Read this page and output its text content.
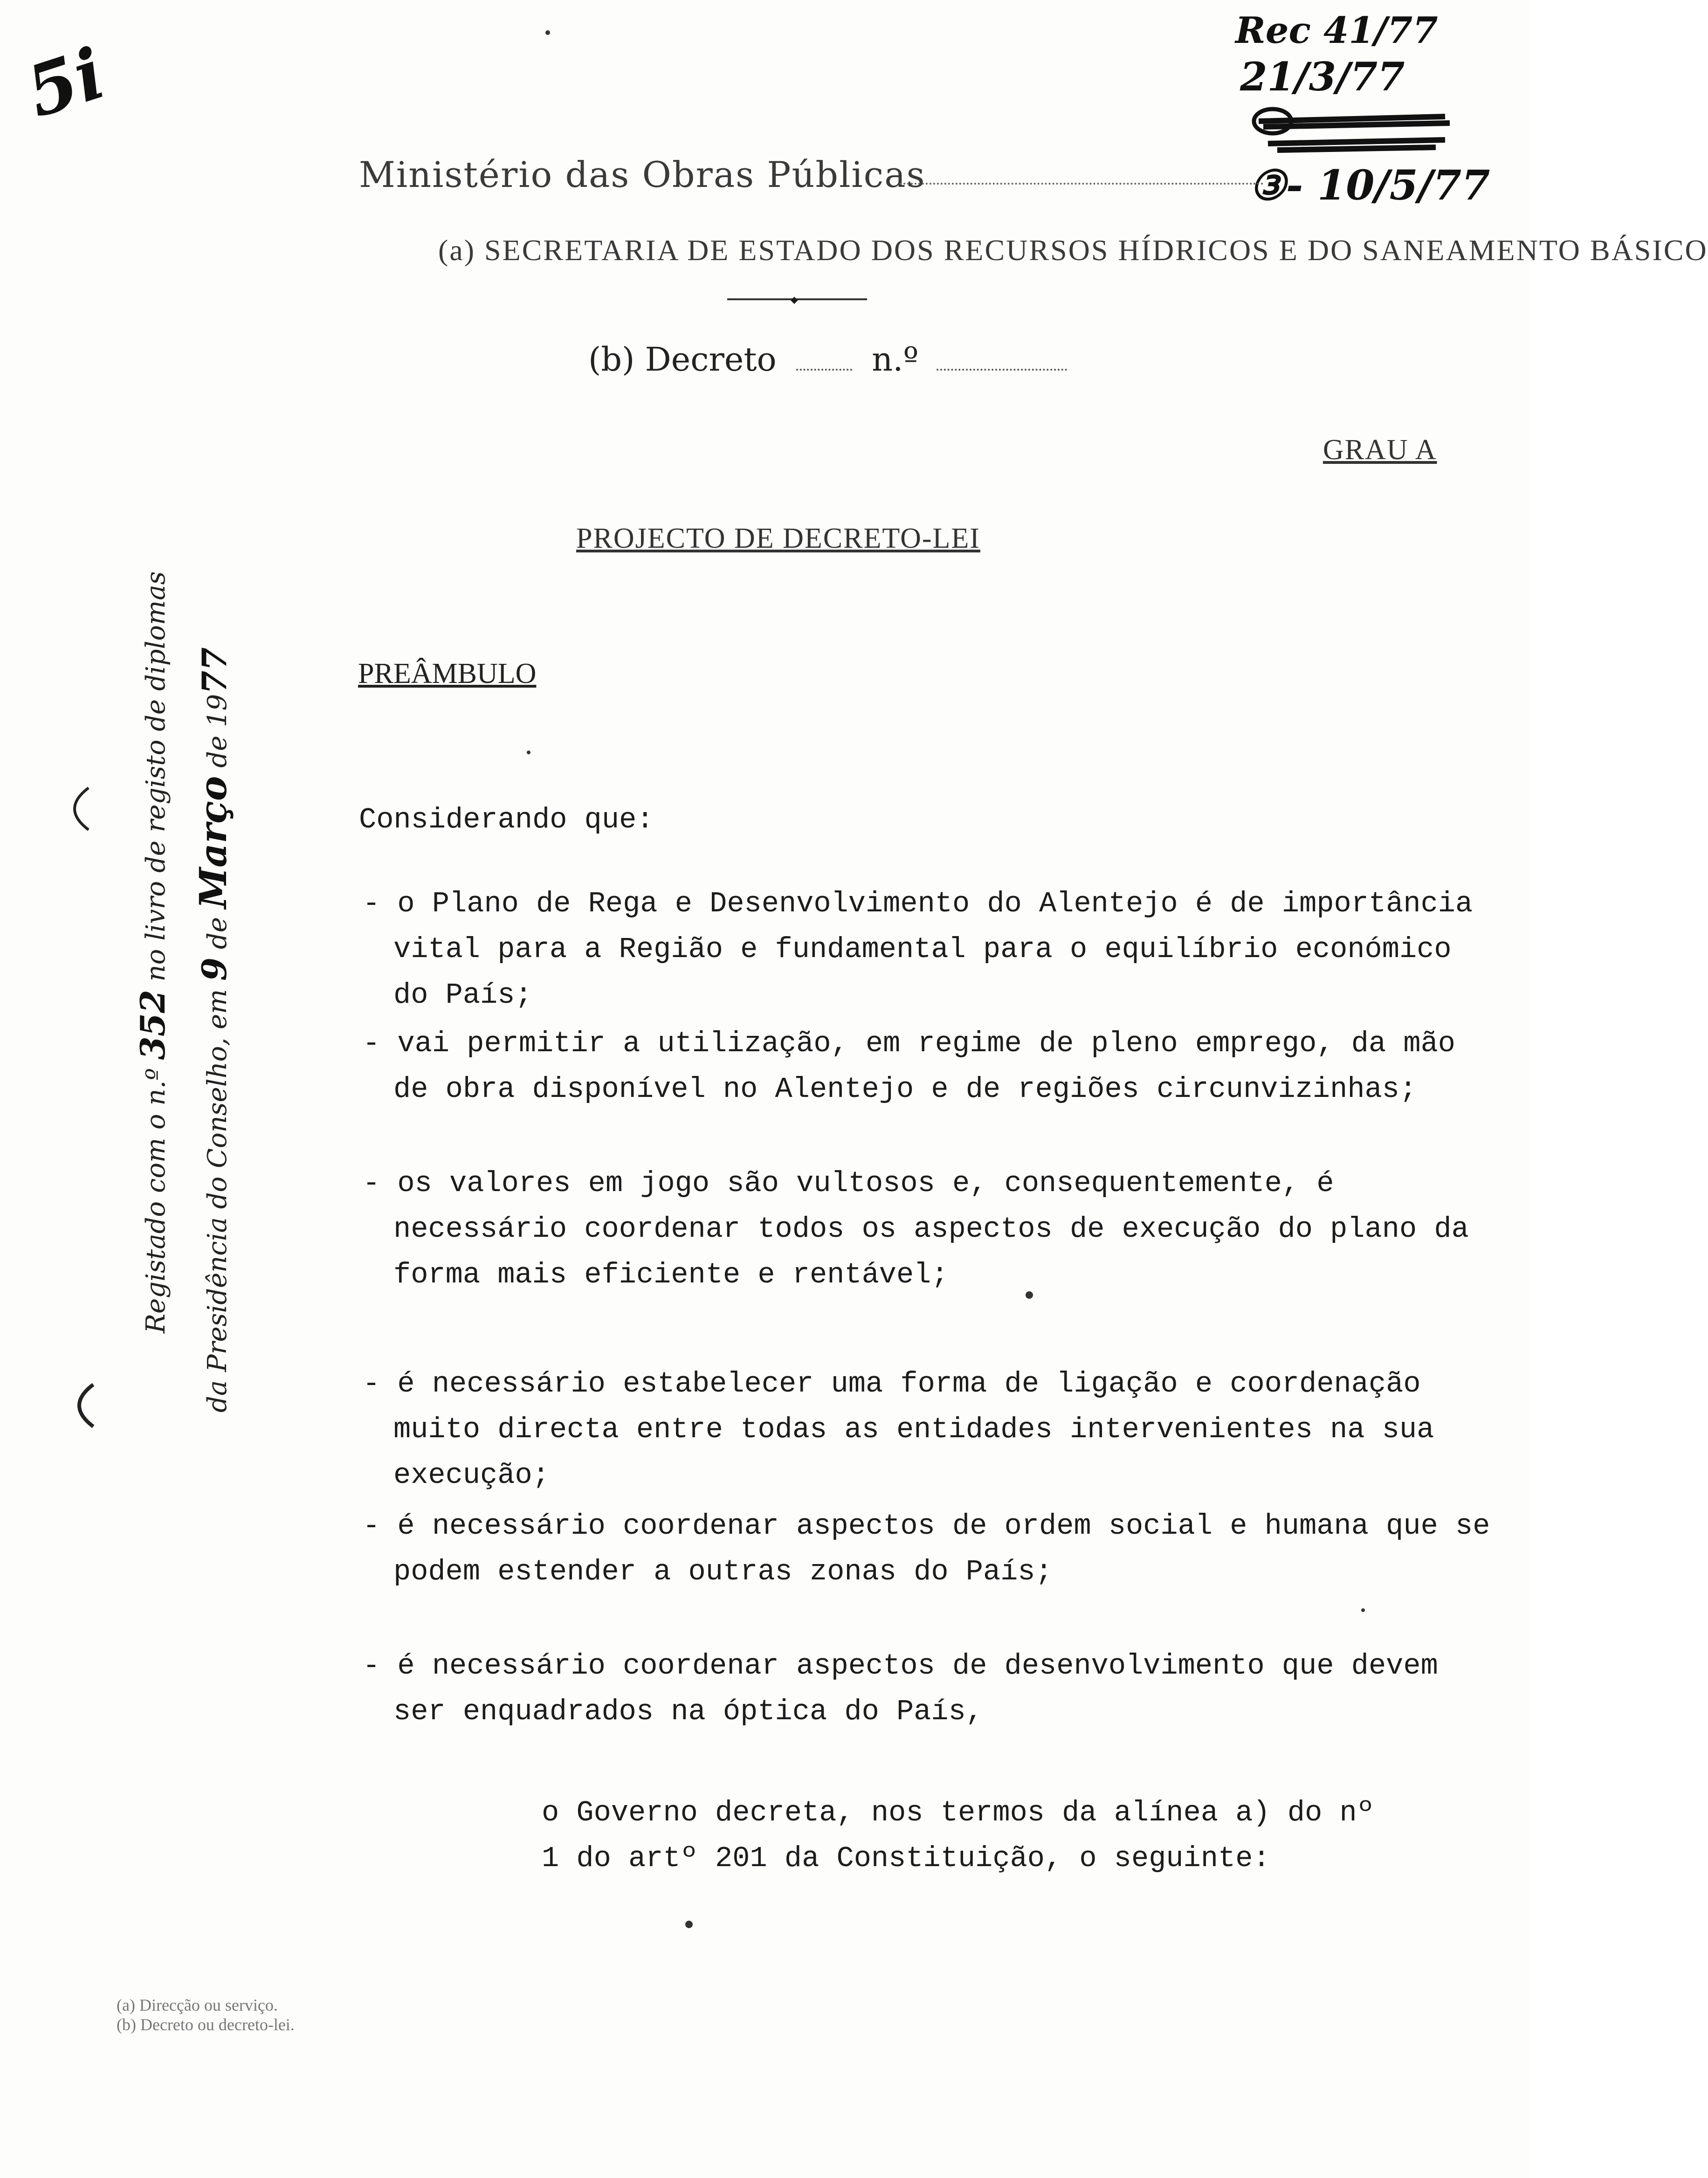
5i
Rec 41/77
21/3/77
③- 10/5/77
Ministério das Obras Públicas
(a) SECRETARIA DE ESTADO DOS RECURSOS HÍDRICOS E DO SANEAMENTO BÁSICO
◆
(b) Decreto	n.º
GRAU A
PROJECTO DE DECRETO-LEI
PREÂMBULO
Considerando que:
- o Plano de Rega e Desenvolvimento do Alentejo é de importância vital para a Região e fundamental para o equilíbrio económico do País;
- vai permitir a utilização, em regime de pleno emprego, da mão de obra disponível no Alentejo e de regiões circunvizinhas;
- os valores em jogo são vultosos e, consequentemente, é necessário coordenar todos os aspectos de execução do plano da forma mais eficiente e rentável;
- é necessário estabelecer uma forma de ligação e coordenação muito directa entre todas as entidades intervenientes na sua execução;
- é necessário coordenar aspectos de ordem social e humana que se podem estender a outras zonas do País;
- é necessário coordenar aspectos de desenvolvimento que devem ser enquadrados na óptica do País,
o Governo decreta, nos termos da alínea a) do nº 1 do artº 201 da Constituição, o seguinte:
Registado com o n.º 352 no livro de registo de diplomas
da Presidência do Conselho, em 9 de Março de 1977
(a) Direcção ou serviço.
(b) Decreto ou decreto-lei.
